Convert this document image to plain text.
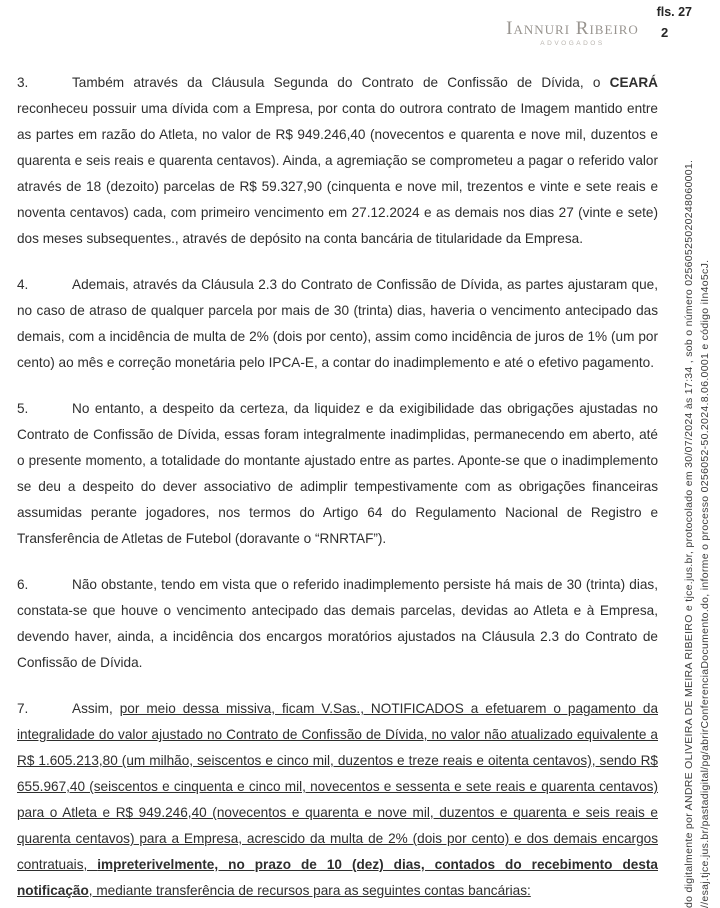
fls. 27
Iannuri Ribeiro
ADVOGADOS
2
3.	Também através da Cláusula Segunda do Contrato de Confissão de Dívida, o CEARÁ reconheceu possuir uma dívida com a Empresa, por conta do outrora contrato de Imagem mantido entre as partes em razão do Atleta, no valor de R$ 949.246,40 (novecentos e quarenta e nove mil, duzentos e quarenta e seis reais e quarenta centavos). Ainda, a agremiação se comprometeu a pagar o referido valor através de 18 (dezoito) parcelas de R$ 59.327,90 (cinquenta e nove mil, trezentos e vinte e sete reais e noventa centavos) cada, com primeiro vencimento em 27.12.2024 e as demais nos dias 27 (vinte e sete) dos meses subsequentes., através de depósito na conta bancária de titularidade da Empresa.
4.	Ademais, através da Cláusula 2.3 do Contrato de Confissão de Dívida, as partes ajustaram que, no caso de atraso de qualquer parcela por mais de 30 (trinta) dias, haveria o vencimento antecipado das demais, com a incidência de multa de 2% (dois por cento), assim como incidência de juros de 1% (um por cento) ao mês e correção monetária pelo IPCA-E, a contar do inadimplemento e até o efetivo pagamento.
5.	No entanto, a despeito da certeza, da liquidez e da exigibilidade das obrigações ajustadas no Contrato de Confissão de Dívida, essas foram integralmente inadimplidas, permanecendo em aberto, até o presente momento, a totalidade do montante ajustado entre as partes. Aponte-se que o inadimplemento se deu a despeito do dever associativo de adimplir tempestivamente com as obrigações financeiras assumidas perante jogadores, nos termos do Artigo 64 do Regulamento Nacional de Registro e Transferência de Atletas de Futebol (doravante o “RNRTAF”).
6.	Não obstante, tendo em vista que o referido inadimplemento persiste há mais de 30 (trinta) dias, constata-se que houve o vencimento antecipado das demais parcelas, devidas ao Atleta e à Empresa, devendo haver, ainda, a incidência dos encargos moratórios ajustados na Cláusula 2.3 do Contrato de Confissão de Dívida.
7.	Assim, por meio dessa missiva, ficam V.Sas., NOTIFICADOS a efetuarem o pagamento da integralidade do valor ajustado no Contrato de Confissão de Dívida, no valor não atualizado equivalente a R$ 1.605.213,80 (um milhão, seiscentos e cinco mil, duzentos e treze reais e oitenta centavos), sendo R$ 655.967,40 (seiscentos e cinquenta e cinco mil, novecentos e sessenta e sete reais e quarenta centavos) para o Atleta e R$ 949.246,40 (novecentos e quarenta e nove mil, duzentos e quarenta e seis reais e quarenta centavos) para a Empresa, acrescido da multa de 2% (dois por cento) e dos demais encargos contratuais, impreterivelmente, no prazo de 10 (dez) dias, contados do recebimento desta notificação, mediante transferência de recursos para as seguintes contas bancárias:	do digitalmente por ANDRE OLIVEIRA DE MEIRA RIBEIRO e tjce.jus.br, protocolado em 30/07/2024 às 17:34 , sob o número 02560525020248060001. //esaj.tjce.jus.br/pastadigital/pg/abrirConferenciaDocumento.do, informe o processo 0256052-50.2024.8.06.0001 e código iIn4o5cJ.
